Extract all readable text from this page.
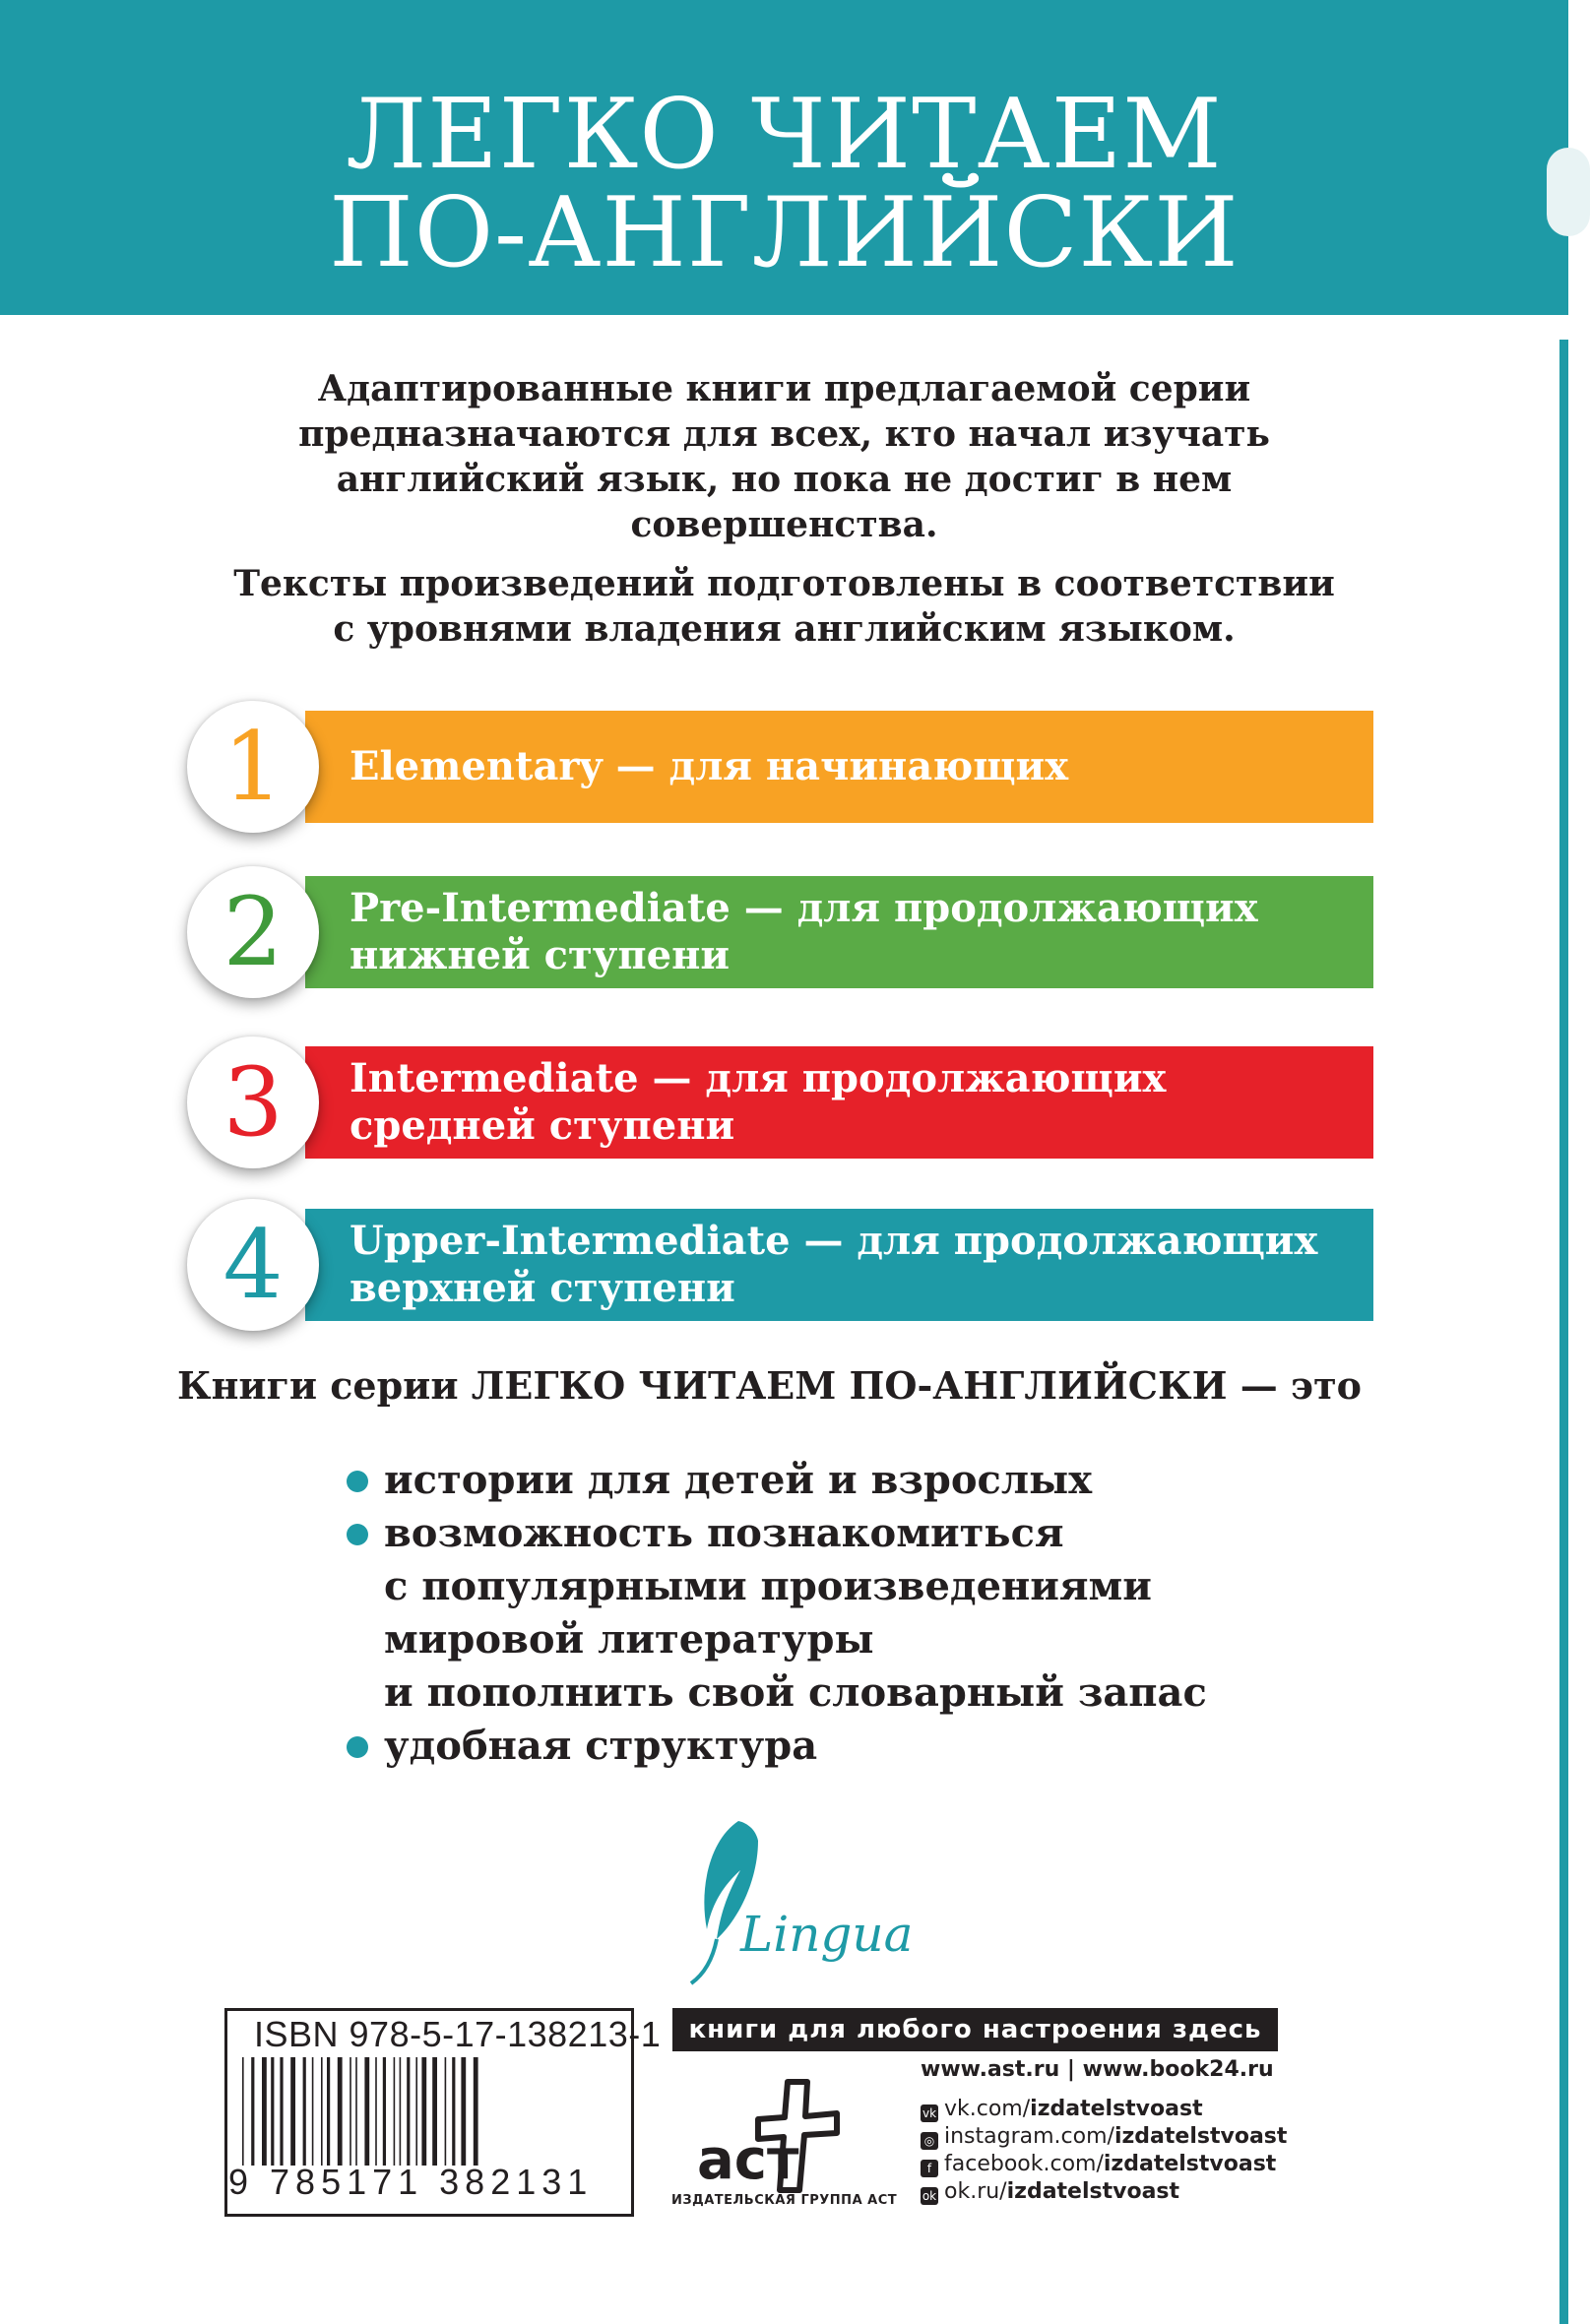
ЛЕГКО ЧИТАЕМ
ПО-АНГЛИЙСКИ
Адаптированные книги предлагаемой серии
предназначаются для всех, кто начал изучать
английский язык, но пока не достиг в нем
совершенства.
Тексты произведений подготовлены в соответствии
с уровнями владения английским языком.
1	Elementary — для начинающих
2	Pre-Intermediate — для продолжающих
нижней ступени
3	Intermediate — для продолжающих
средней ступени
4	Upper-Intermediate — для продолжающих
верхней ступени
Книги серии ЛЕГКО ЧИТАЕМ ПО-АНГЛИЙСКИ — это
истории для детей и взрослых
возможность познакомиться
с популярными произведениями
мировой литературы
и пополнить свой словарный запас
удобная структура
Lingua
ISBN 978-5-17-138213-1
9 785171 382131
книги для любого настроения здесь
www.ast.ru | www.book24.ru
аст
ИЗДАТЕЛЬСКАЯ ГРУППА АСТ
vk vk.com/izdatelstvoast
◎ instagram.com/izdatelstvoast
f facebook.com/izdatelstvoast
ok ok.ru/izdatelstvoast
